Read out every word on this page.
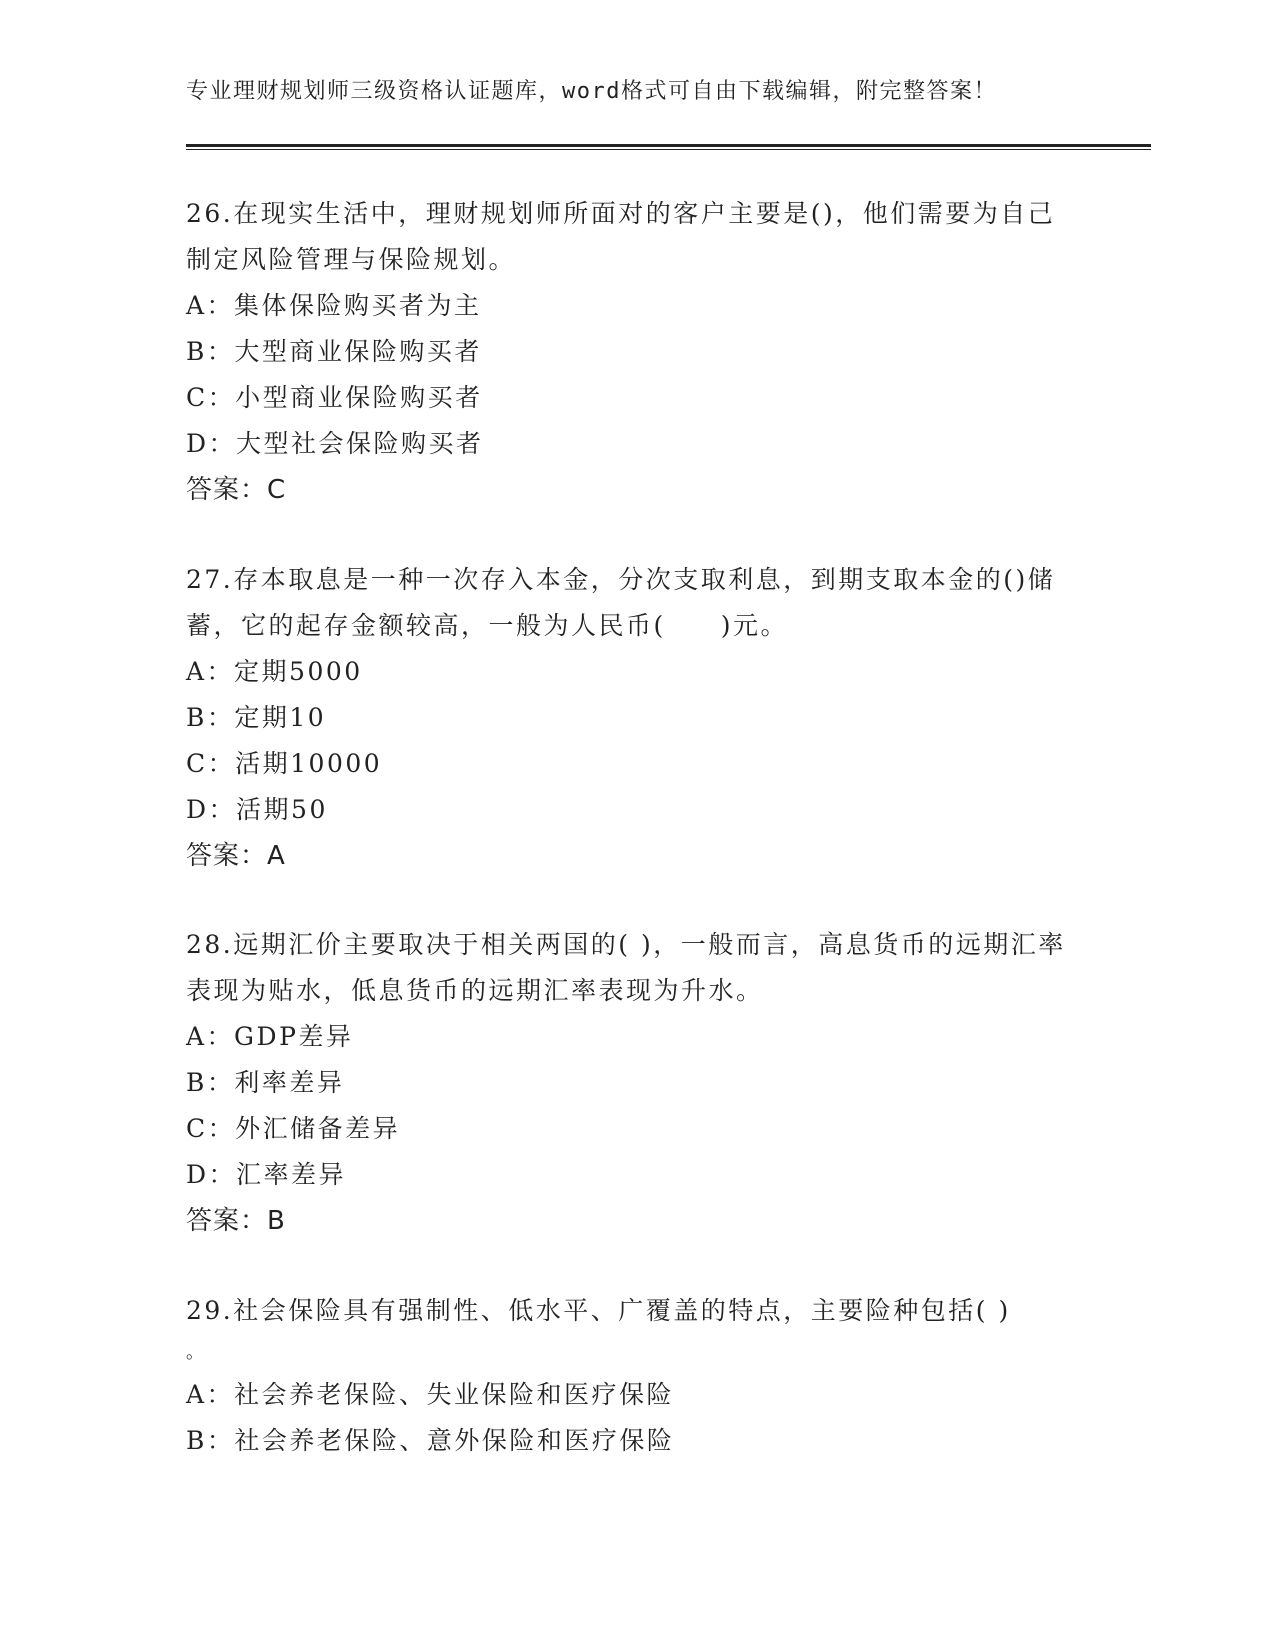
专业理财规划师三级资格认证题库，word格式可自由下载编辑，附完整答案！

26.在现实生活中，理财规划师所面对的客户主要是()，他们需要为自己制定风险管理与保险规划。

A：集体保险购买者为主

B：大型商业保险购买者

C：小型商业保险购买者

D：大型社会保险购买者

答案：C

27.存本取息是一种一次存入本金，分次支取利息，到期支取本金的()储蓄，它的起存金额较高，一般为人民币(　　)元。

A：定期5000

B：定期10

C：活期10000

D：活期50

答案：A

28.远期汇价主要取决于相关两国的( )，一般而言，高息货币的远期汇率表现为贴水，低息货币的远期汇率表现为升水。

A：GDP差异

B：利率差异

C：外汇储备差异

D：汇率差异

答案：B

29.社会保险具有强制性、低水平、广覆盖的特点，主要险种包括( )

。

A：社会养老保险、失业保险和医疗保险

B：社会养老保险、意外保险和医疗保险
